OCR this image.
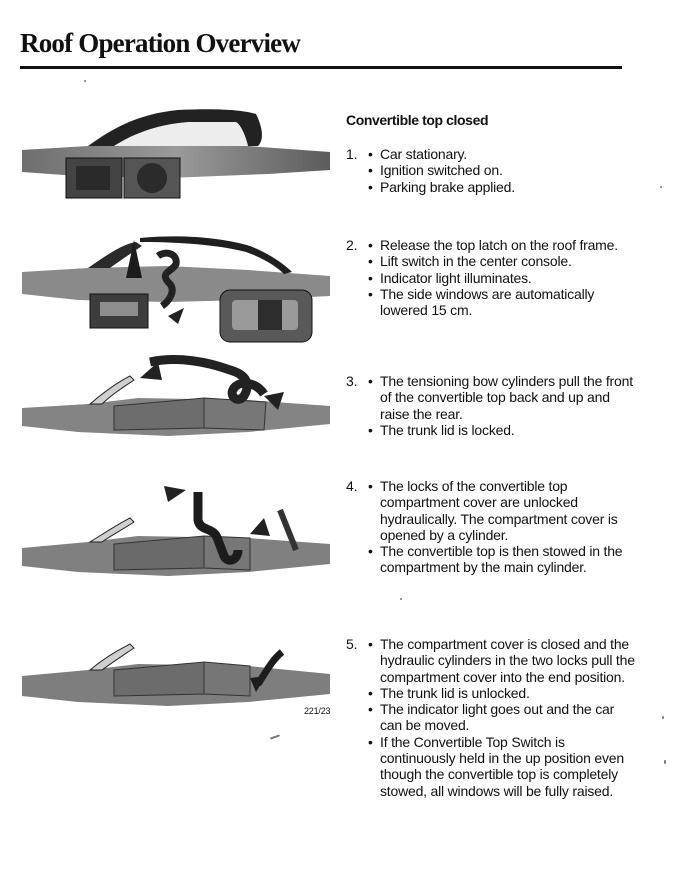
Roof Operation Overview
Convertible top closed
1. • Car stationary.
• Ignition switched on.
• Parking brake applied.
2. • Release the top latch on the roof frame.
• Lift switch in the center console.
• Indicator light illuminates.
• The side windows are automatically lowered 15 cm.
3. • The tensioning bow cylinders pull the front of the convertible top back and up and raise the rear.
• The trunk lid is locked.
4. • The locks of the convertible top compartment cover are unlocked hydraulically. The compartment cover is opened by a cylinder.
• The convertible top is then stowed in the compartment by the main cylinder.
5. • The compartment cover is closed and the hydraulic cylinders in the two locks pull the compartment cover into the end position.
• The trunk lid is unlocked.
• The indicator light goes out and the car can be moved.
• If the Convertible Top Switch is continuously held in the up position even though the convertible top is completely stowed, all windows will be fully raised.
221/23
